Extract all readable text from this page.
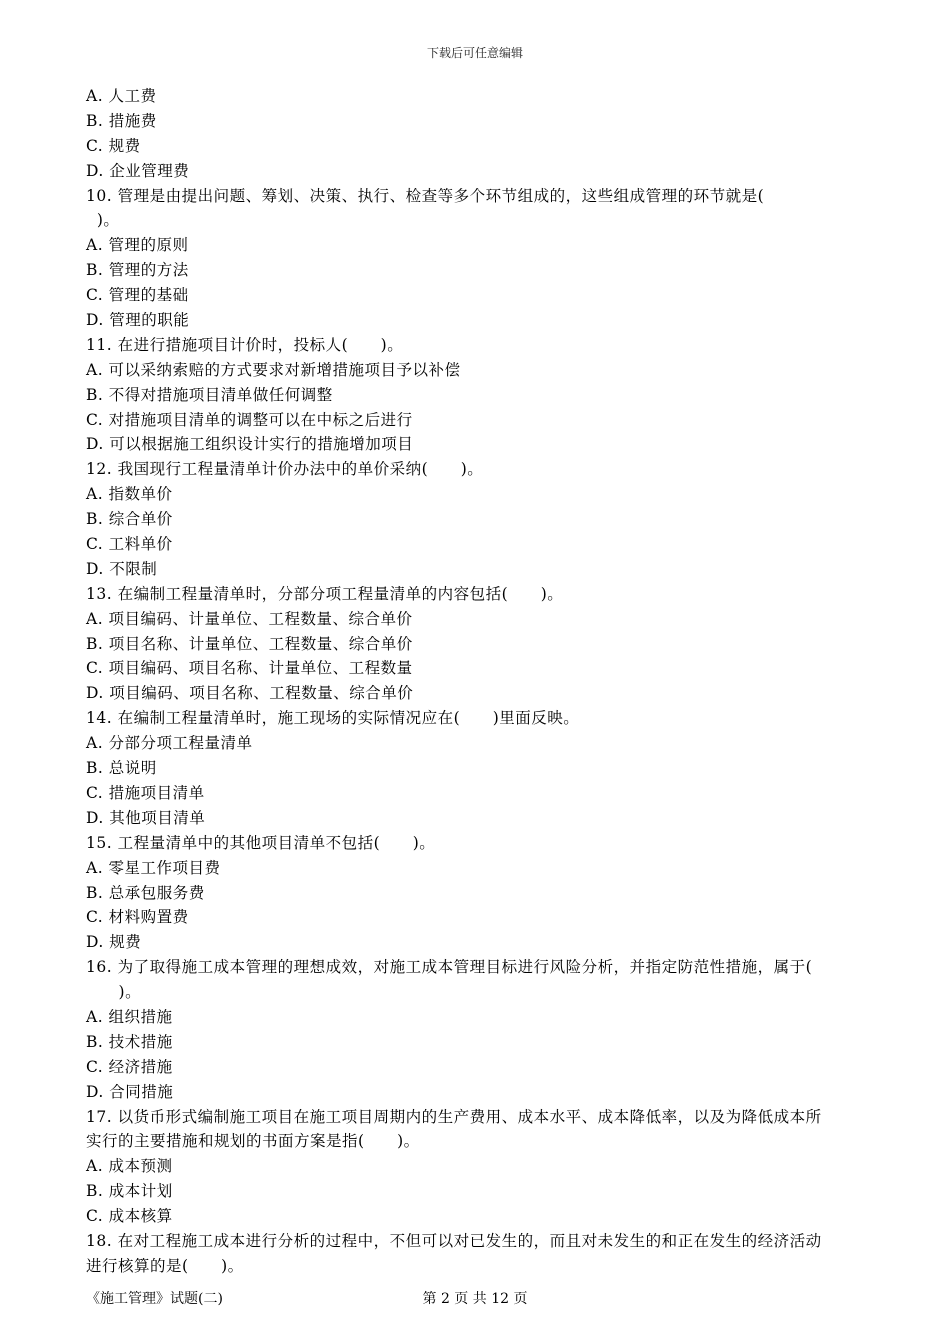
下载后可任意编辑
A. 人工费
B. 措施费
C. 规费
D. 企业管理费
10. 管理是由提出问题、筹划、决策、执行、检查等多个环节组成的，这些组成管理的环节就是(
)。
A. 管理的原则
B. 管理的方法
C. 管理的基础
D. 管理的职能
11. 在进行措施项目计价时，投标人(      )。
A. 可以采纳索赔的方式要求对新增措施项目予以补偿
B. 不得对措施项目清单做任何调整
C. 对措施项目清单的调整可以在中标之后进行
D. 可以根据施工组织设计实行的措施增加项目
12. 我国现行工程量清单计价办法中的单价采纳(      )。
A. 指数单价
B. 综合单价
C. 工料单价
D. 不限制
13. 在编制工程量清单时，分部分项工程量清单的内容包括(      )。
A. 项目编码、计量单位、工程数量、综合单价
B. 项目名称、计量单位、工程数量、综合单价
C. 项目编码、项目名称、计量单位、工程数量
D. 项目编码、项目名称、工程数量、综合单价
14. 在编制工程量清单时，施工现场的实际情况应在(      )里面反映。
A. 分部分项工程量清单
B. 总说明
C. 措施项目清单
D. 其他项目清单
15. 工程量清单中的其他项目清单不包括(      )。
A. 零星工作项目费
B. 总承包服务费
C. 材料购置费
D. 规费
16. 为了取得施工成本管理的理想成效，对施工成本管理目标进行风险分析，并指定防范性措施，属于(
)。
A. 组织措施
B. 技术措施
C. 经济措施
D. 合同措施
17. 以货币形式编制施工项目在施工项目周期内的生产费用、成本水平、成本降低率，以及为降低成本所
实行的主要措施和规划的书面方案是指(      )。
A. 成本预测
B. 成本计划
C. 成本核算
18. 在对工程施工成本进行分析的过程中，不但可以对已发生的，而且对未发生的和正在发生的经济活动
进行核算的是(      )。
《施工管理》试题(二)	第 2 页 共 12 页
